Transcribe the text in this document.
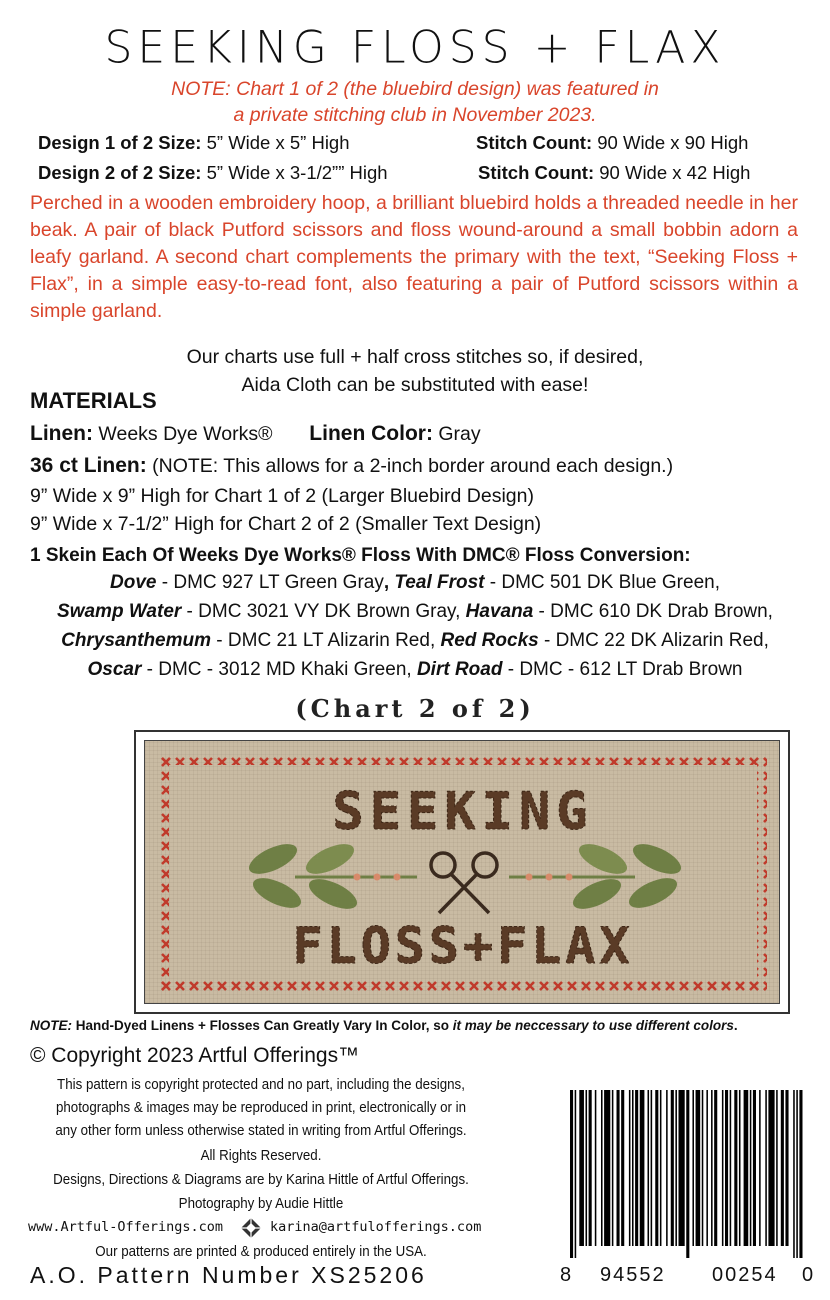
SEEKING FLOSS + FLAX
NOTE: Chart 1 of 2 (the bluebird design) was featured in
a private stitching club in November 2023.
Design 1 of 2 Size: 5” Wide x 5” High	Stitch Count: 90 Wide x 90 High
Design 2 of 2 Size: 5” Wide x 3-1/2”” High	Stitch Count: 90 Wide x 42 High
Perched in a wooden embroidery hoop, a brilliant bluebird holds a threaded needle in her beak. A pair of black Putford scissors and floss wound-around a small bobbin adorn a leafy garland. A second chart complements the primary with the text, “Seeking Floss + Flax”, in a simple easy-to-read font, also featuring a pair of Putford scissors within a simple garland.
Our charts use full + half cross stitches so, if desired,
Aida Cloth can be substituted with ease!
MATERIALS
Linen: Weeks Dye Works® Linen Color: Gray
36 ct Linen: (NOTE: This allows for a 2-inch border around each design.)
9” Wide x 9” High for Chart 1 of 2 (Larger Bluebird Design)
9” Wide x 7-1/2” High for Chart 2 of 2 (Smaller Text Design)
1 Skein Each Of Weeks Dye Works® Floss With DMC® Floss Conversion:
Dove - DMC 927 LT Green Gray, Teal Frost - DMC 501 DK Blue Green,
Swamp Water - DMC 3021 VY DK Brown Gray, Havana - DMC 610 DK Drab Brown,
Chrysanthemum - DMC 21 LT Alizarin Red, Red Rocks - DMC 22 DK Alizarin Red,
Oscar - DMC - 3012 MD Khaki Green, Dirt Road - DMC - 612 LT Drab Brown
(Chart 2 of 2)
SEEKING
FLOSS+FLAX
NOTE: Hand-Dyed Linens + Flosses Can Greatly Vary In Color, so it may be neccessary to use different colors.
© Copyright 2023 Artful Offerings™
This pattern is copyright protected and no part, including the designs,
photographs & images may be reproduced in print, electronically or in
any other form unless otherwise stated in writing from Artful Offerings.
All Rights Reserved.
Designs, Directions & Diagrams are by Karina Hittle of Artful Offerings.
Photography by Audie Hittle
www.Artful-Offerings.com	karina@artfulofferings.com
Our patterns are printed & produced entirely in the USA.
A.O. Pattern Number XS25206	8 94552 00254 0
